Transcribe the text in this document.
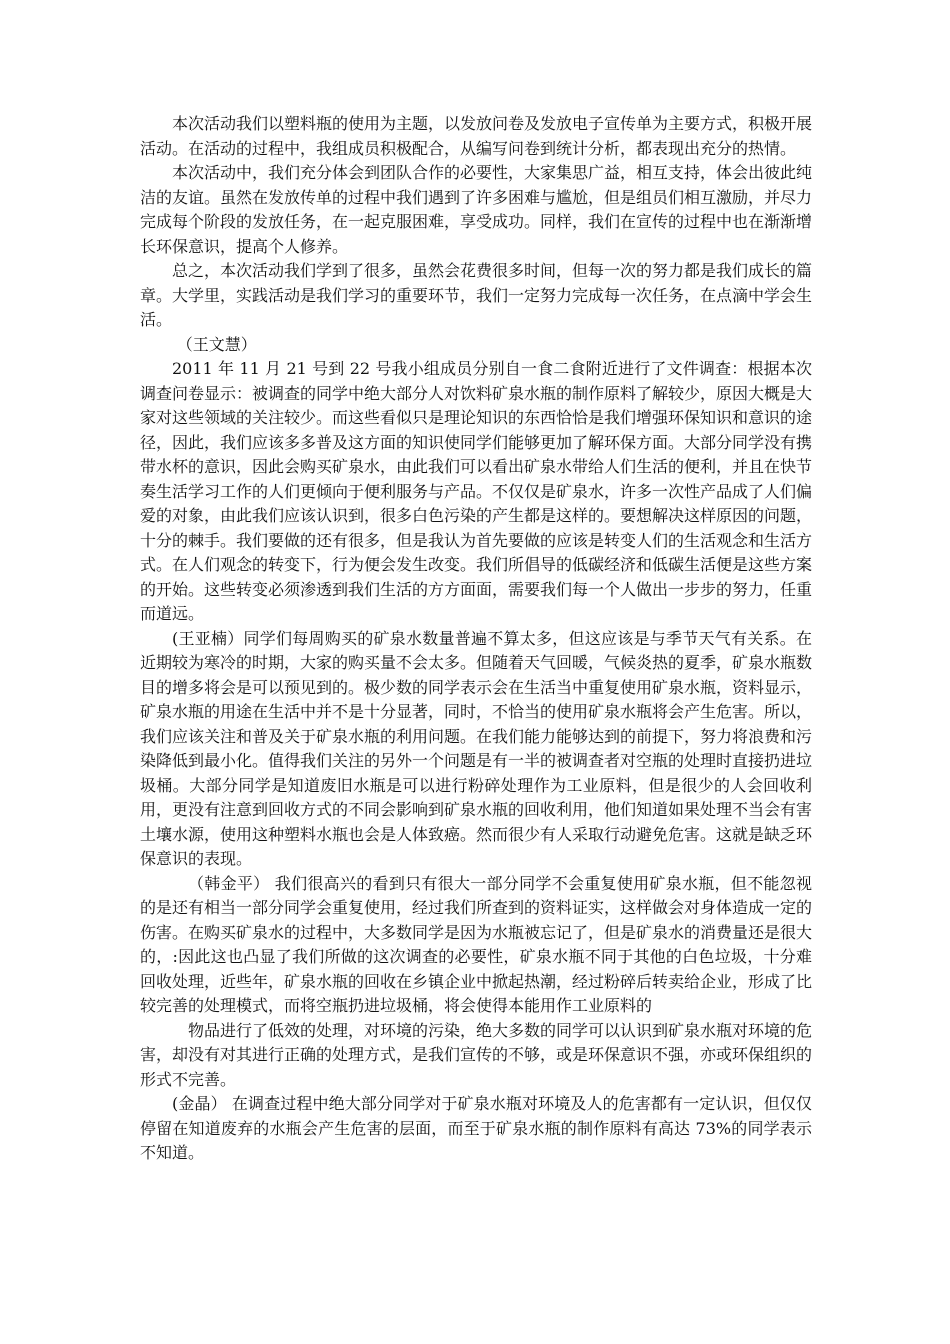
本次活动我们以塑料瓶的使用为主题，以发放问卷及发放电子宣传单为主要方式，积极开展活动。在活动的过程中，我组成员积极配合，从编写问卷到统计分析，都表现出充分的热情。

本次活动中，我们充分体会到团队合作的必要性，大家集思广益，相互支持，体会出彼此纯洁的友谊。虽然在发放传单的过程中我们遇到了许多困难与尴尬，但是组员们相互激励，并尽力完成每个阶段的发放任务，在一起克服困难，享受成功。同样，我们在宣传的过程中也在渐渐增长环保意识，提高个人修养。

总之，本次活动我们学到了很多，虽然会花费很多时间，但每一次的努力都是我们成长的篇章。大学里，实践活动是我们学习的重要环节，我们一定努力完成每一次任务，在点滴中学会生活。

（王文慧）

2011 年 11 月 21 号到 22 号我小组成员分别自一食二食附近进行了文件调查：根据本次调查问卷显示：被调查的同学中绝大部分人对饮料矿泉水瓶的制作原料了解较少，原因大概是大家对这些领域的关注较少。而这些看似只是理论知识的东西恰恰是我们增强环保知识和意识的途径，因此，我们应该多多普及这方面的知识使同学们能够更加了解环保方面。大部分同学没有携带水杯的意识，因此会购买矿泉水，由此我们可以看出矿泉水带给人们生活的便利，并且在快节奏生活学习工作的人们更倾向于便利服务与产品。不仅仅是矿泉水，许多一次性产品成了人们偏爱的对象，由此我们应该认识到，很多白色污染的产生都是这样的。要想解决这样原因的问题，十分的棘手。我们要做的还有很多，但是我认为首先要做的应该是转变人们的生活观念和生活方式。在人们观念的转变下，行为便会发生改变。我们所倡导的低碳经济和低碳生活便是这些方案的开始。这些转变必须渗透到我们生活的方方面面，需要我们每一个人做出一步步的努力，任重而道远。

(王亚楠）同学们每周购买的矿泉水数量普遍不算太多，但这应该是与季节天气有关系。在近期较为寒冷的时期，大家的购买量不会太多。但随着天气回暖，气候炎热的夏季，矿泉水瓶数目的增多将会是可以预见到的。极少数的同学表示会在生活当中重复使用矿泉水瓶，资料显示，矿泉水瓶的用途在生活中并不是十分显著，同时，不恰当的使用矿泉水瓶将会产生危害。所以，我们应该关注和普及关于矿泉水瓶的利用问题。在我们能力能够达到的前提下，努力将浪费和污染降低到最小化。值得我们关注的另外一个问题是有一半的被调查者对空瓶的处理时直接扔进垃圾桶。大部分同学是知道废旧水瓶是可以进行粉碎处理作为工业原料，但是很少的人会回收利用，更没有注意到回收方式的不同会影响到矿泉水瓶的回收利用，他们知道如果处理不当会有害土壤水源，使用这种塑料水瓶也会是人体致癌。然而很少有人采取行动避免危害。这就是缺乏环保意识的表现。

（韩金平） 我们很高兴的看到只有很大一部分同学不会重复使用矿泉水瓶，但不能忽视的是还有相当一部分同学会重复使用，经过我们所查到的资料证实，这样做会对身体造成一定的伤害。在购买矿泉水的过程中，大多数同学是因为水瓶被忘记了，但是矿泉水的消费量还是很大的，:因此这也凸显了我们所做的这次调查的必要性，矿泉水瓶不同于其他的白色垃圾，十分难回收处理，近些年，矿泉水瓶的回收在乡镇企业中掀起热潮，经过粉碎后转卖给企业，形成了比较完善的处理模式，而将空瓶扔进垃圾桶，将会使得本能用作工业原料的

物品进行了低效的处理，对环境的污染，绝大多数的同学可以认识到矿泉水瓶对环境的危害，却没有对其进行正确的处理方式，是我们宣传的不够，或是环保意识不强，亦或环保组织的形式不完善。

(金晶） 在调查过程中绝大部分同学对于矿泉水瓶对环境及人的危害都有一定认识，但仅仅停留在知道废弃的水瓶会产生危害的层面，而至于矿泉水瓶的制作原料有高达 73%的同学表示不知道。
